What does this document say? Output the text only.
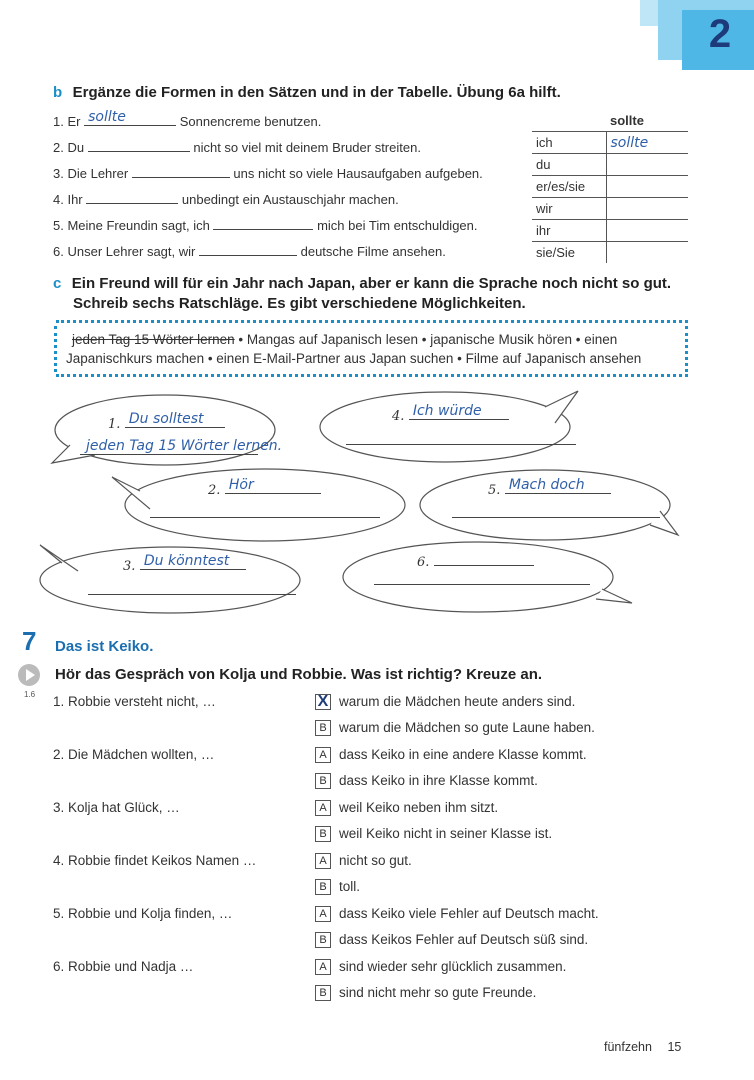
2
b Ergänze die Formen in den Sätzen und in der Tabelle. Übung 6a hilft.
1. Er sollte	Sonnencreme benutzen.
2. Du	nicht so viel mit deinem Bruder streiten.
3. Die Lehrer	uns nicht so viele Hausaufgaben aufgeben.
4. Ihr	unbedingt ein Austauschjahr machen.
5. Meine Freundin sagt, ich	mich bei Tim entschuldigen.
6. Unser Lehrer sagt, wir	deutsche Filme ansehen.
	sollte
ich	sollte
du	
er/es/sie	
wir	
ihr	
sie/Sie	
c Ein Freund will für ein Jahr nach Japan, aber er kann die Sprache noch nicht so gut.
Schreib sechs Ratschläge. Es gibt verschiedene Möglichkeiten.
jeden Tag 15 Wörter lernen • Mangas auf Japanisch lesen • japanische Musik hören • einen
Japanischkurs machen • einen E-Mail-Partner aus Japan suchen • Filme auf Japanisch ansehen
1. Du solltest
jeden Tag 15 Wörter lernen.
4. Ich würde
2. Hör	5. Mach doch
3. Du könntest	6.
7 Das ist Keiko.
1.6
Hör das Gespräch von Kolja und Robbie. Was ist richtig? Kreuze an.
1. Robbie versteht nicht, …	X warum die Mädchen heute anders sind.
B warum die Mädchen so gute Laune haben.
2. Die Mädchen wollten, …	A dass Keiko in eine andere Klasse kommt.
B dass Keiko in ihre Klasse kommt.
3. Kolja hat Glück, …	A weil Keiko neben ihm sitzt.
B weil Keiko nicht in seiner Klasse ist.
4. Robbie findet Keikos Namen …	A nicht so gut.
B toll.
5. Robbie und Kolja finden, …	A dass Keiko viele Fehler auf Deutsch macht.
B dass Keikos Fehler auf Deutsch süß sind.
6. Robbie und Nadja …	A sind wieder sehr glücklich zusammen.
B sind nicht mehr so gute Freunde.
fünfzehn 15
